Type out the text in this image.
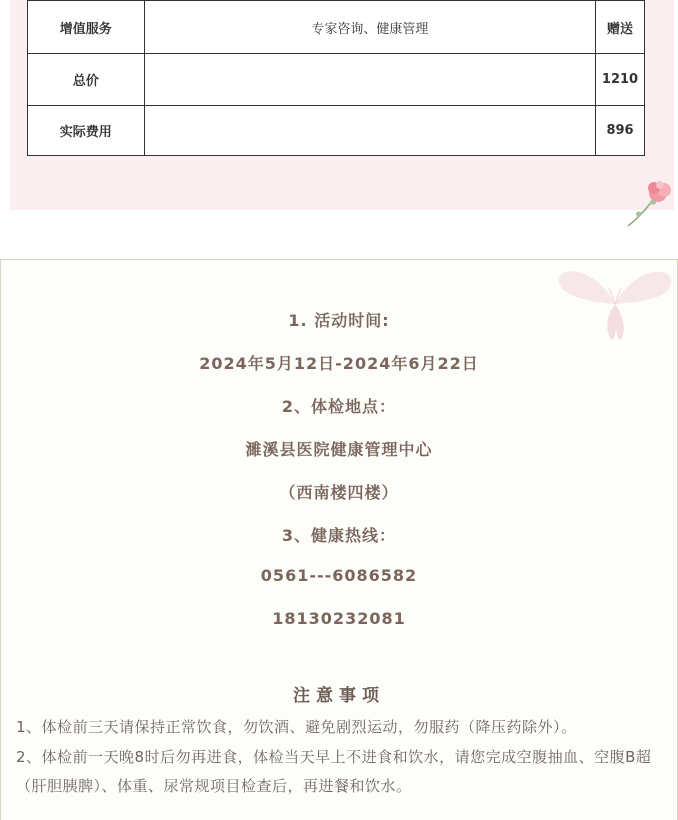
增值服务	专家咨询、健康管理	赠送
总价		1210
实际费用		896
1. 活动时间:
2024年5月12日-2024年6月22日
2、体检地点：
濉溪县医院健康管理中心
（西南楼四楼）
3、健康热线：
0561---6086582
18130232081
注意事项
1、体检前三天请保持正常饮食，勿饮酒、避免剧烈运动，勿服药（降压药除外）。
2、体检前一天晚8时后勿再进食，体检当天早上不进食和饮水，请您完成空腹抽血、空腹B超（肝胆胰脾）、体重、尿常规项目检查后，再进餐和饮水。
